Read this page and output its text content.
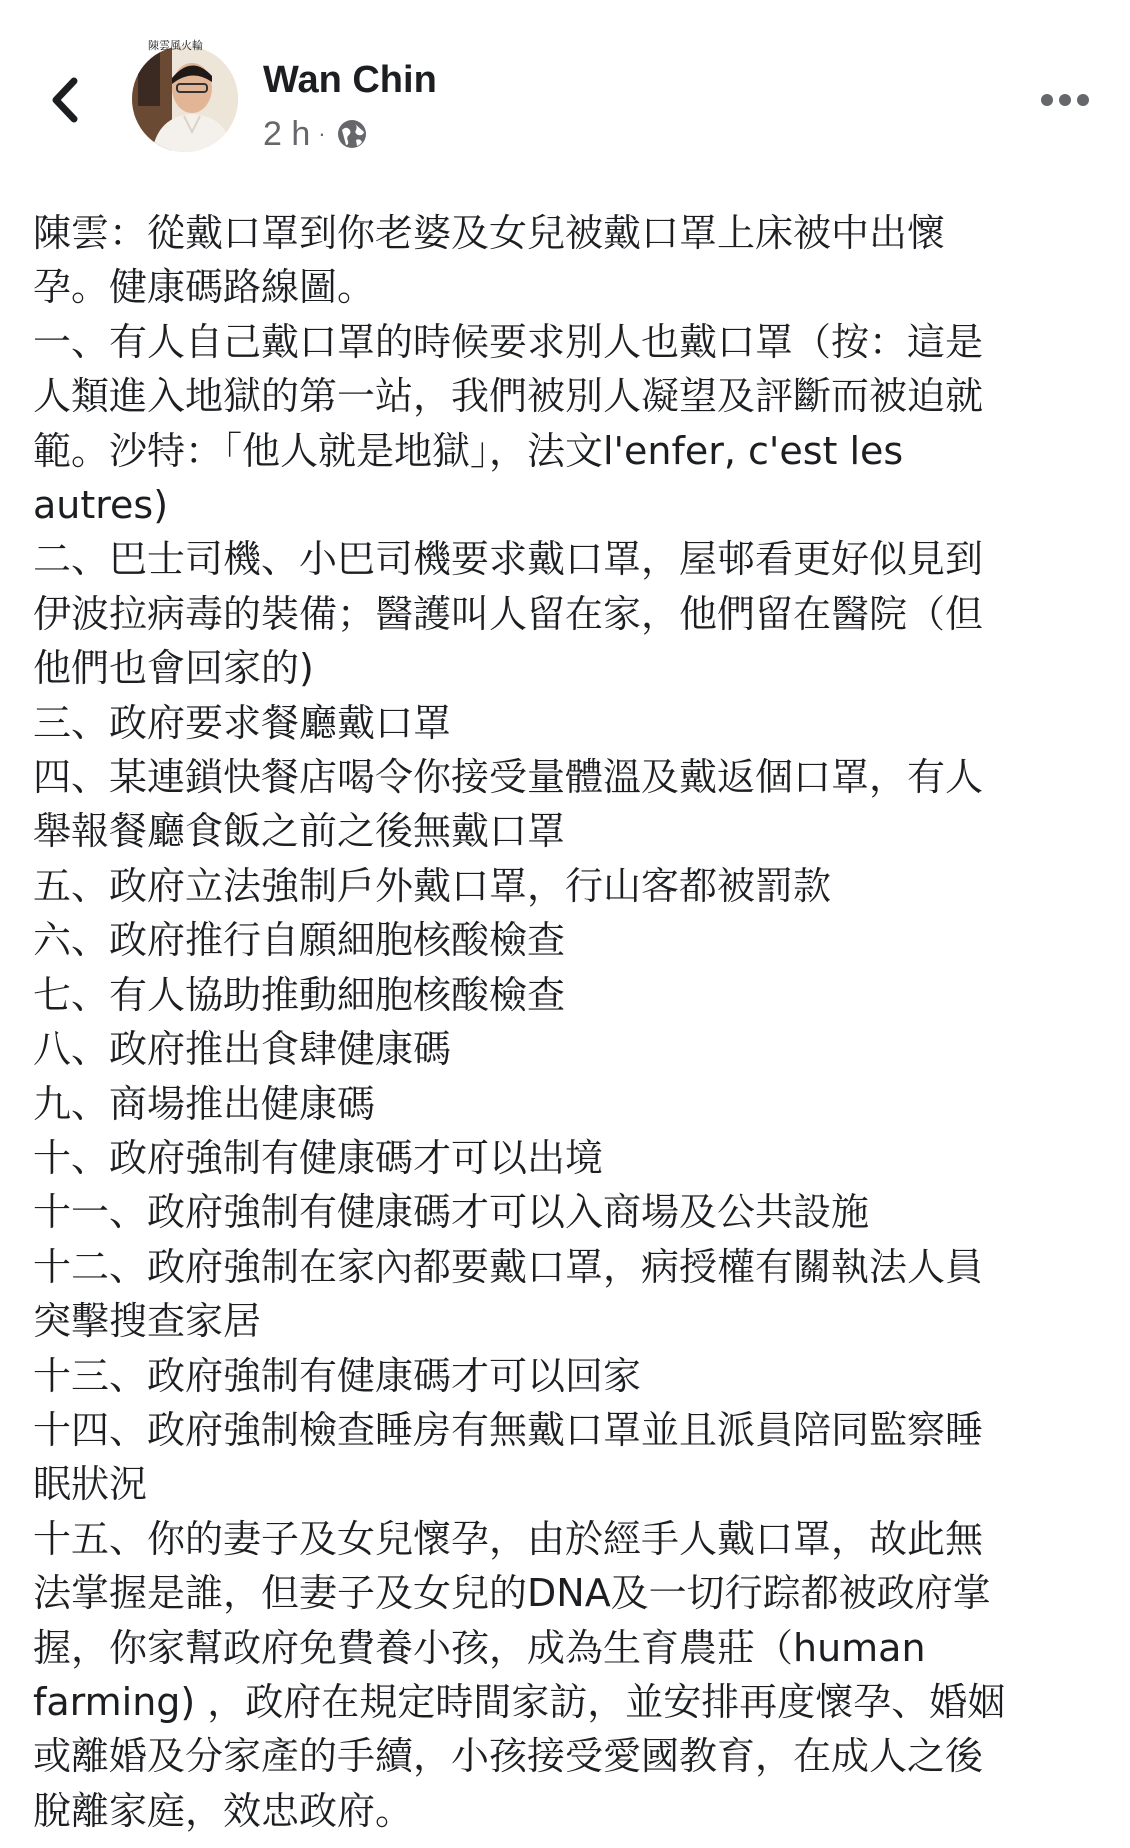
陳雲風火輪
Wan Chin
2 h ·
陳雲：從戴口罩到你老婆及女兒被戴口罩上床被中出懷
孕。健康碼路線圖。
一、有人自己戴口罩的時候要求別人也戴口罩（按：這是
人類進入地獄的第一站，我們被別人凝望及評斷而被迫就
範。沙特：「他人就是地獄」，法文l'enfer, c'est les
autres)
二、巴士司機、小巴司機要求戴口罩，屋邨看更好似見到
伊波拉病毒的裝備；醫護叫人留在家，他們留在醫院（但
他們也會回家的)
三、政府要求餐廳戴口罩
四、某連鎖快餐店喝令你接受量體溫及戴返個口罩，有人
舉報餐廳食飯之前之後無戴口罩
五、政府立法強制戶外戴口罩，行山客都被罰款
六、政府推行自願細胞核酸檢查
七、有人協助推動細胞核酸檢查
八、政府推出食肆健康碼
九、商場推出健康碼
十、政府強制有健康碼才可以出境
十一、政府強制有健康碼才可以入商場及公共設施
十二、政府強制在家內都要戴口罩，病授權有關執法人員
突擊搜查家居
十三、政府強制有健康碼才可以回家
十四、政府強制檢查睡房有無戴口罩並且派員陪同監察睡
眠狀況
十五、你的妻子及女兒懷孕，由於經手人戴口罩，故此無
法掌握是誰，但妻子及女兒的DNA及一切行踪都被政府掌
握，你家幫政府免費養小孩，成為生育農莊（human
farming) ，政府在規定時間家訪，並安排再度懷孕、婚姻
或離婚及分家產的手續，小孩接受愛國教育，在成人之後
脫離家庭，效忠政府。
